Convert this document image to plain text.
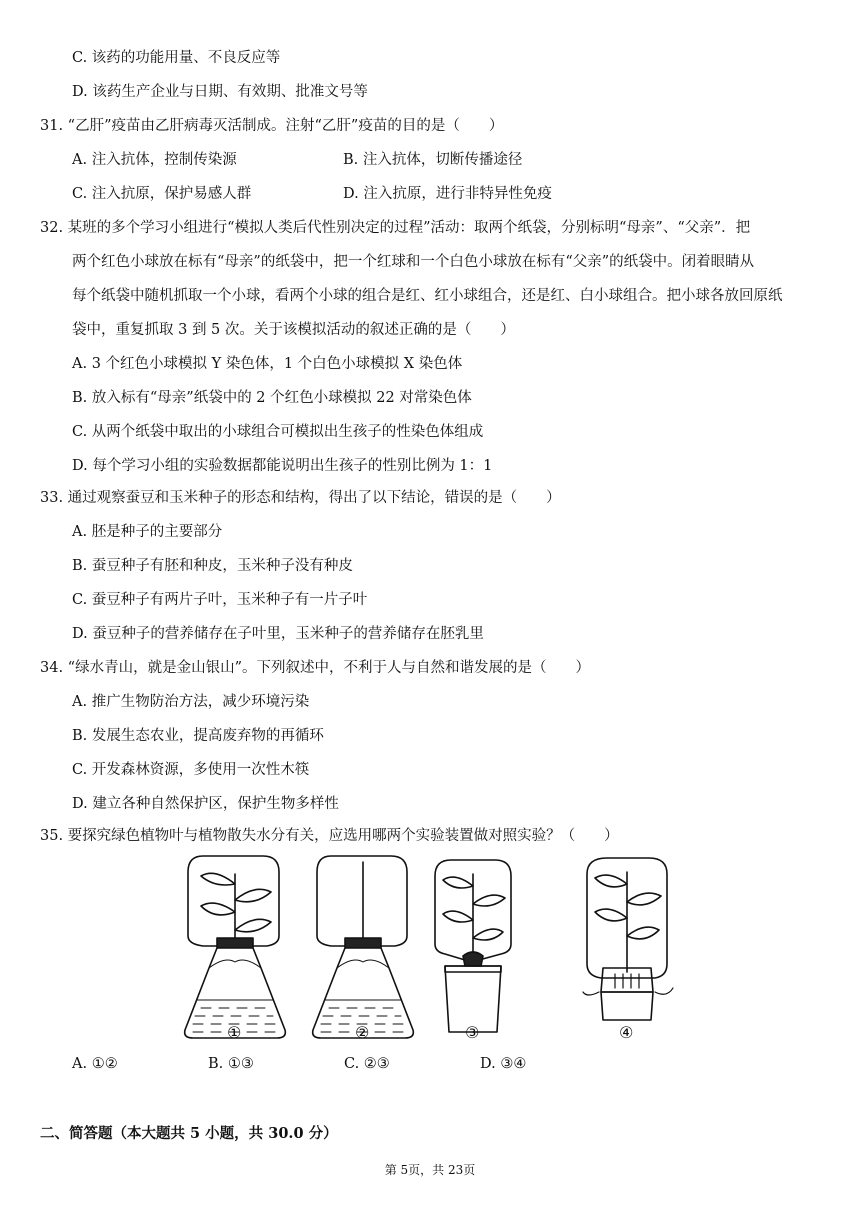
C. 该药的功能用量、不良反应等
D. 该药生产企业与日期、有效期、批准文号等
31. “乙肝”疫苗由乙肝病毒灭活制成。注射“乙肝”疫苗的目的是（　　）
A. 注入抗体，控制传染源	B. 注入抗体，切断传播途径
C. 注入抗原，保护易感人群	D. 注入抗原，进行非特异性免疫
32. 某班的多个学习小组进行“模拟人类后代性别决定的过程”活动：取两个纸袋，分别标明“母亲”、“父亲”．把
两个红色小球放在标有“母亲”的纸袋中，把一个红球和一个白色小球放在标有“父亲”的纸袋中。闭着眼睛从
每个纸袋中随机抓取一个小球，看两个小球的组合是红、红小球组合，还是红、白小球组合。把小球各放回原纸
袋中，重复抓取 3 到 5 次。关于该模拟活动的叙述正确的是（　　）
A. 3 个红色小球模拟 Y 染色体，1 个白色小球模拟 X 染色体
B. 放入标有“母亲”纸袋中的 2 个红色小球模拟 22 对常染色体
C. 从两个纸袋中取出的小球组合可模拟出生孩子的性染色体组成
D. 每个学习小组的实验数据都能说明出生孩子的性别比例为 1：1
33. 通过观察蚕豆和玉米种子的形态和结构，得出了以下结论，错误的是（　　）
A. 胚是种子的主要部分
B. 蚕豆种子有胚和种皮，玉米种子没有种皮
C. 蚕豆种子有两片子叶，玉米种子有一片子叶
D. 蚕豆种子的营养储存在子叶里，玉米种子的营养储存在胚乳里
34. “绿水青山，就是金山银山”。下列叙述中，不利于人与自然和谐发展的是（　　）
A. 推广生物防治方法，减少环境污染
B. 发展生态农业，提高废弃物的再循环
C. 开发森林资源，多使用一次性木筷
D. 建立各种自然保护区，保护生物多样性
35. 要探究绿色植物叶与植物散失水分有关，应选用哪两个实验装置做对照实验？（　　）
①	②	③	④
A. ①②	B. ①③	C. ②③	D. ③④
二、简答题（本大题共 5 小题，共 30.0 分）
第 5页，共 23页
